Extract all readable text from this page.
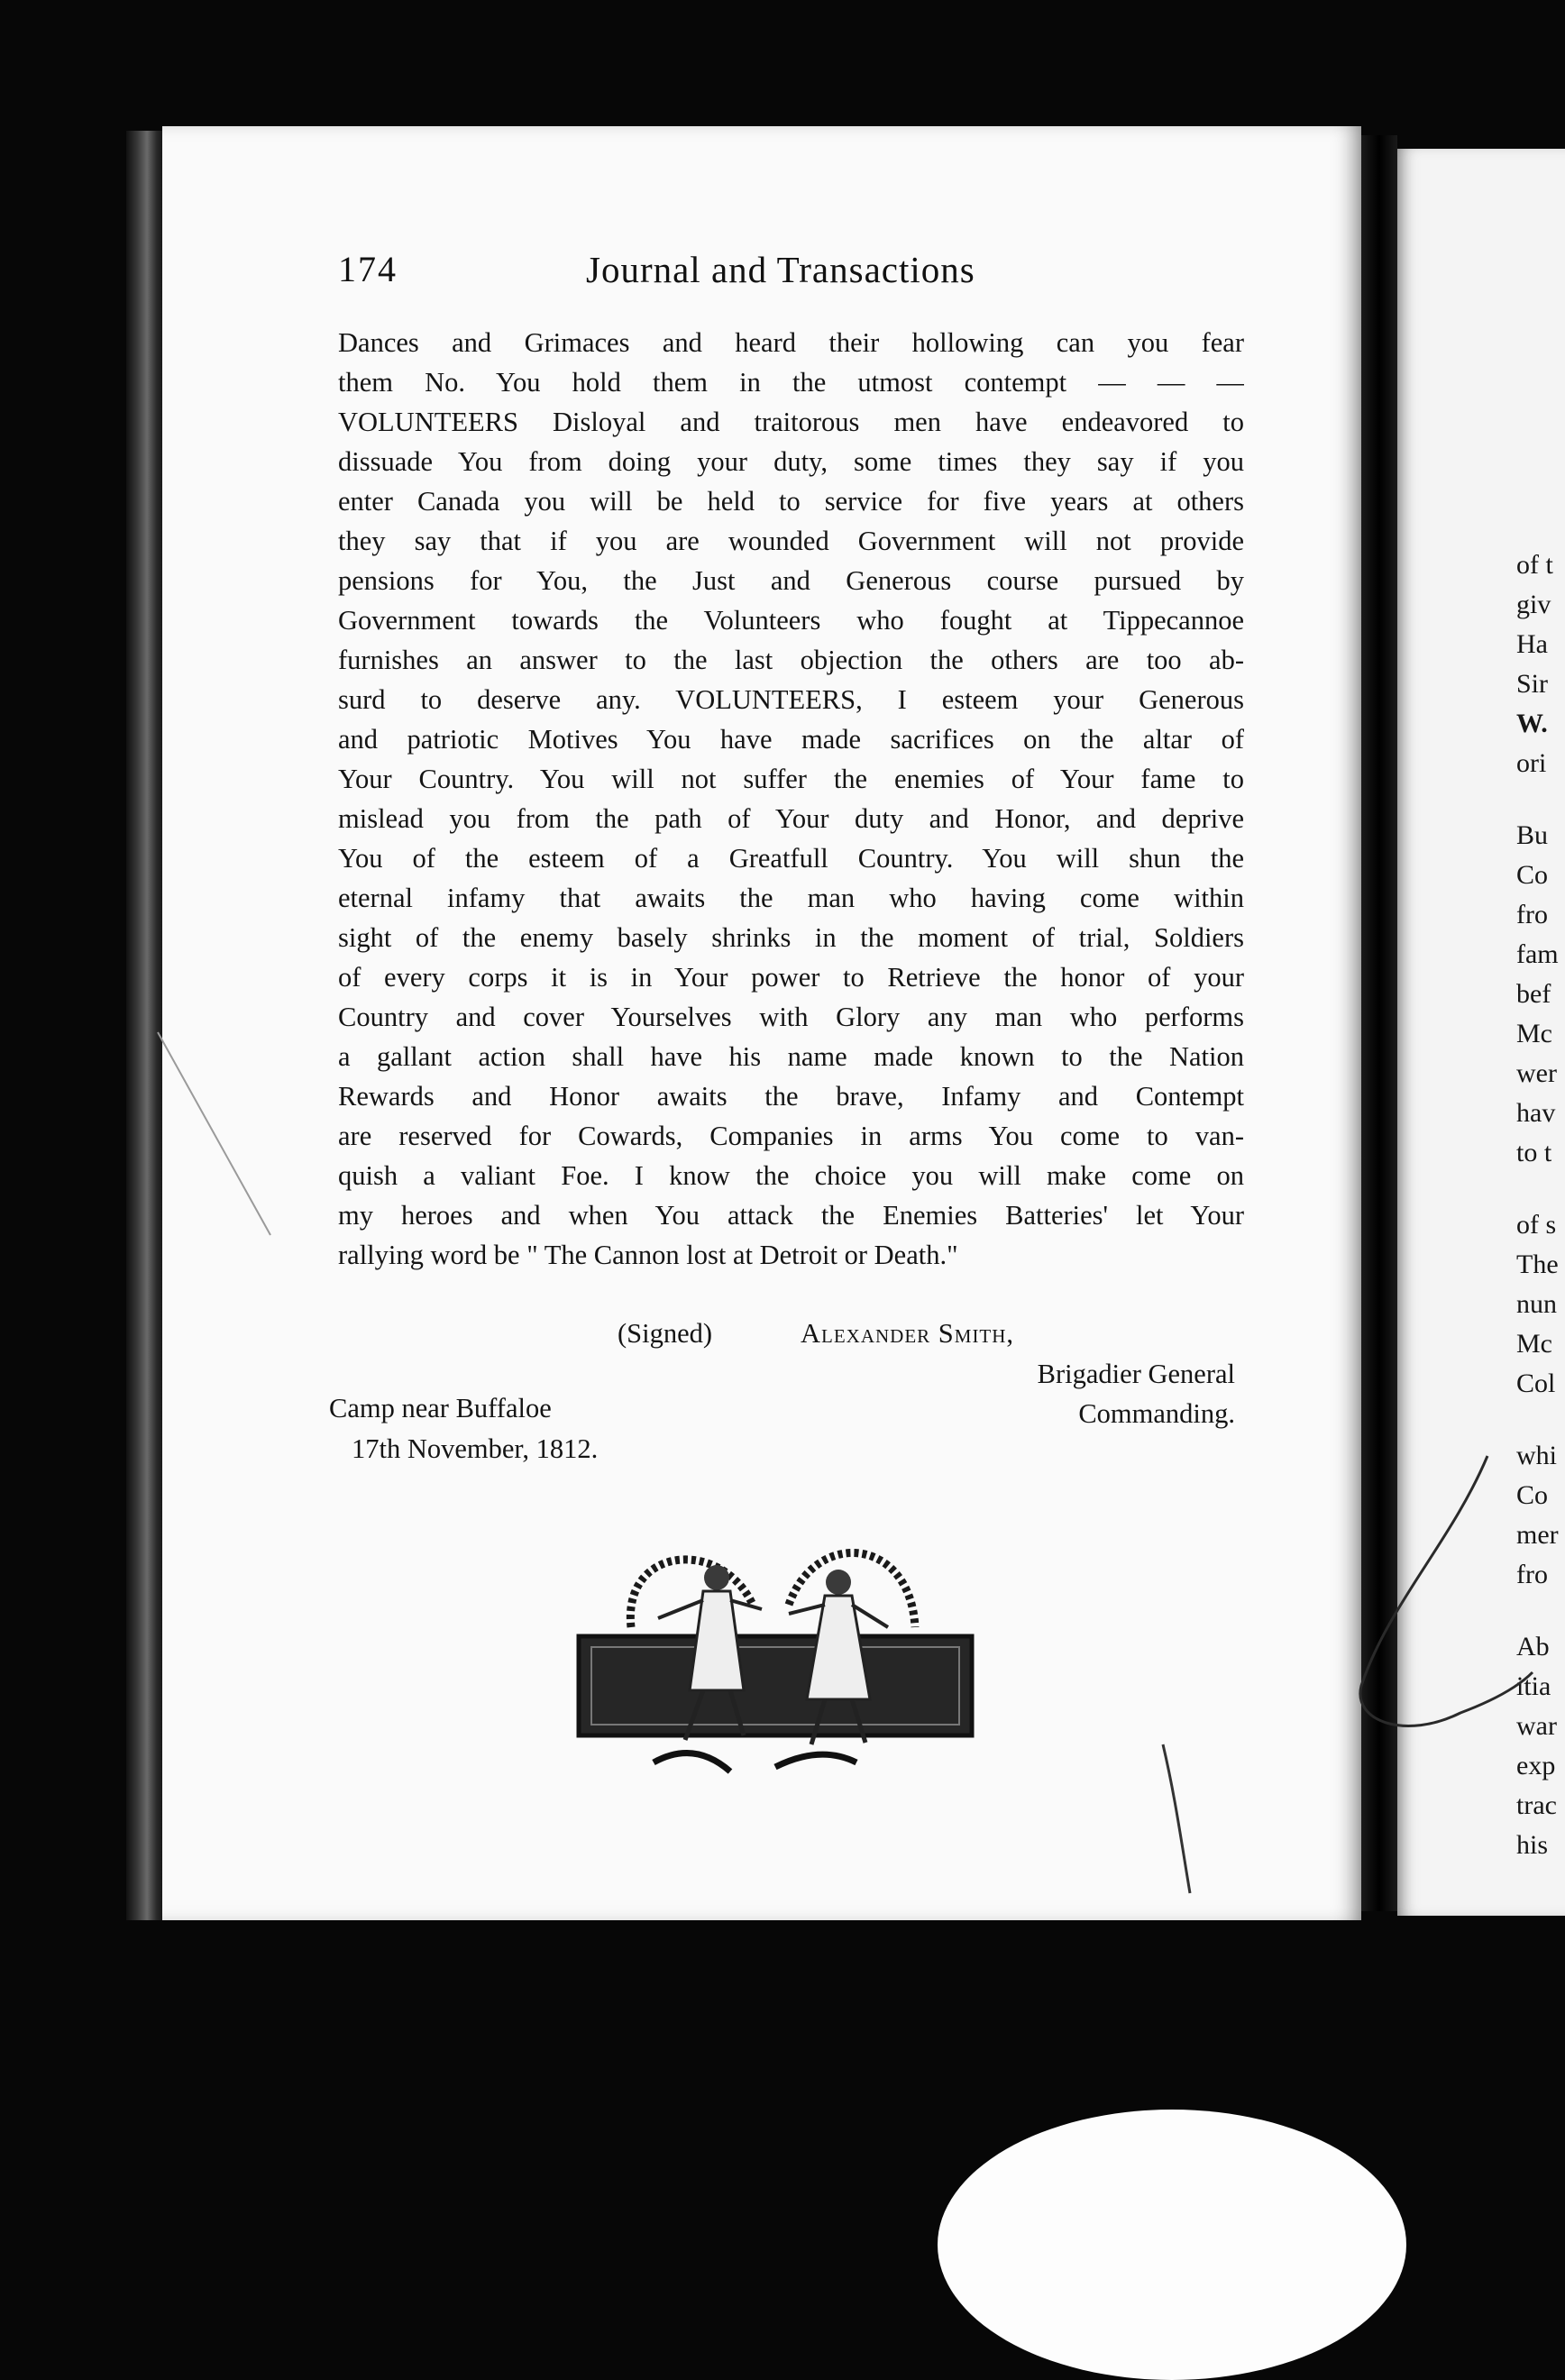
of t
giv
Ha
Sir
W.
ori
Bu
Co
fro
fam
bef
Mc
wer
hav
to t
of s
The
nun
Mc
Col
whi
Co
mer
fro
Ab
itia
war
exp
trac
his
174	Journal and Transactions
Dances and Grimaces and heard their hollowing can you fear
them No. You hold them in the utmost contempt — — —
VOLUNTEERS Disloyal and traitorous men have endeavored to
dissuade You from doing your duty, some times they say if you
enter Canada you will be held to service for five years at others
they say that if you are wounded Government will not provide
pensions for You, the Just and Generous course pursued by
Government towards the Volunteers who fought at Tippecannoe
furnishes an answer to the last objection the others are too ab-
surd to deserve any. VOLUNTEERS, I esteem your Generous
and patriotic Motives You have made sacrifices on the altar of
Your Country. You will not suffer the enemies of Your fame to
mislead you from the path of Your duty and Honor, and deprive
You of the esteem of a Greatfull Country. You will shun the
eternal infamy that awaits the man who having come within
sight of the enemy basely shrinks in the moment of trial, Soldiers
of every corps it is in Your power to Retrieve the honor of your
Country and cover Yourselves with Glory any man who performs
a gallant action shall have his name made known to the Nation
Rewards and Honor awaits the brave, Infamy and Contempt
are reserved for Cowards, Companies in arms You come to van-
quish a valiant Foe. I know the choice you will make come on
my heroes and when You attack the Enemies Batteries' let Your
rallying word be " The Cannon lost at Detroit or Death."
(Signed)	Alexander Smith,
Brigadier General
Commanding.
Camp near Buffaloe
17th November, 1812.
